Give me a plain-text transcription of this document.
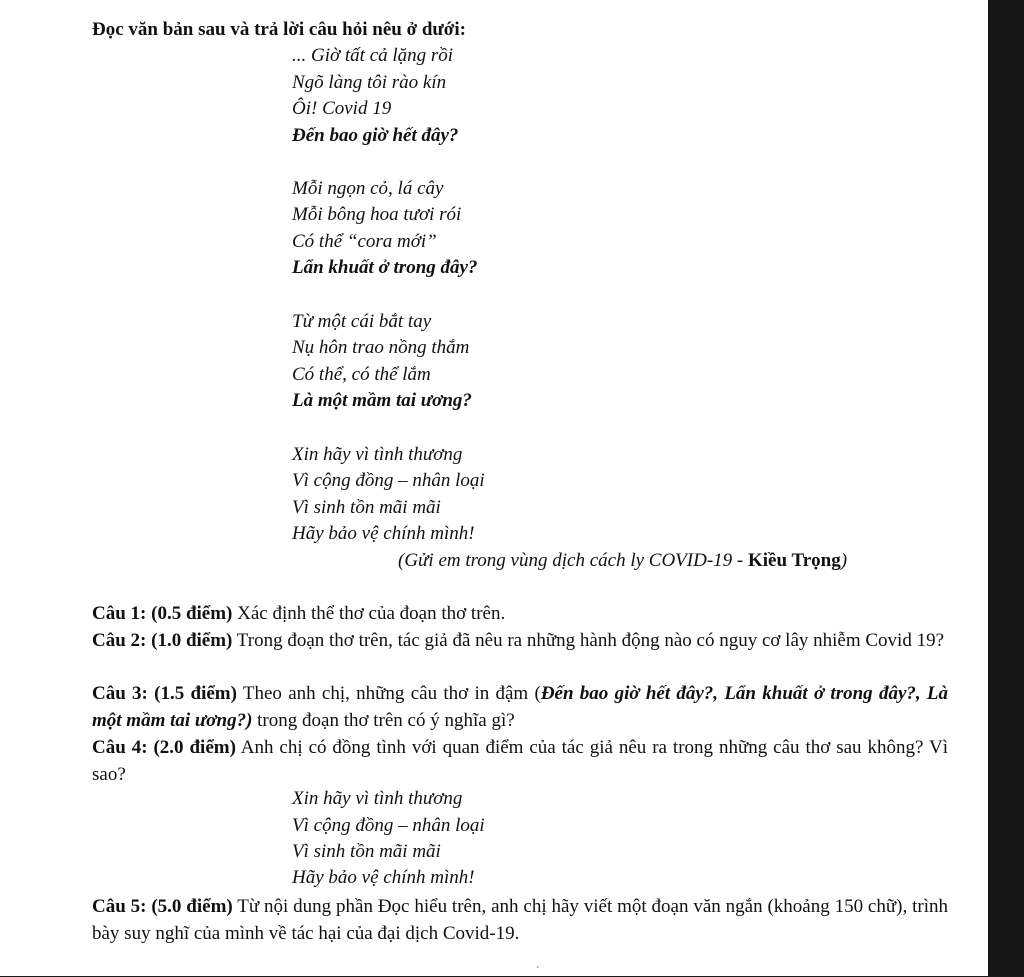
Đọc văn bản sau và trả lời câu hỏi nêu ở dưới:
... Giờ tất cả lặng rồi
Ngõ làng tôi rào kín
Ôi! Covid 19
Đến bao giờ hết đây?
Mỗi ngọn cỏ, lá cây
Mỗi bông hoa tươi rói
Có thể “cora mới”
Lẩn khuất ở trong đây?
Từ một cái bắt tay
Nụ hôn trao nồng thắm
Có thể, có thể lắm
Là một mầm tai ương?
Xin hãy vì tình thương
Vì cộng đồng – nhân loại
Vì sinh tồn mãi mãi
Hãy bảo vệ chính mình!
(Gửi em trong vùng dịch cách ly COVID-19 - Kiều Trọng)
Câu 1: (0.5 điểm) Xác định thể thơ của đoạn thơ trên.
Câu 2: (1.0 điểm) Trong đoạn thơ trên, tác giả đã nêu ra những hành động nào có nguy cơ lây nhiễm Covid 19?
Câu 3: (1.5 điểm) Theo anh chị, những câu thơ in đậm (Đến bao giờ hết đây?, Lẩn khuất ở trong đây?, Là một mầm tai ương?) trong đoạn thơ trên có ý nghĩa gì?
Câu 4: (2.0 điểm) Anh chị có đồng tình với quan điểm của tác giả nêu ra trong những câu thơ sau không? Vì sao?
Xin hãy vì tình thương
Vì cộng đồng – nhân loại
Vì sinh tồn mãi mãi
Hãy bảo vệ chính mình!
Câu 5: (5.0 điểm) Từ nội dung phần Đọc hiểu trên, anh chị hãy viết một đoạn văn ngắn (khoảng 150 chữ), trình bày suy nghĩ của mình về tác hại của đại dịch Covid-19.
´
